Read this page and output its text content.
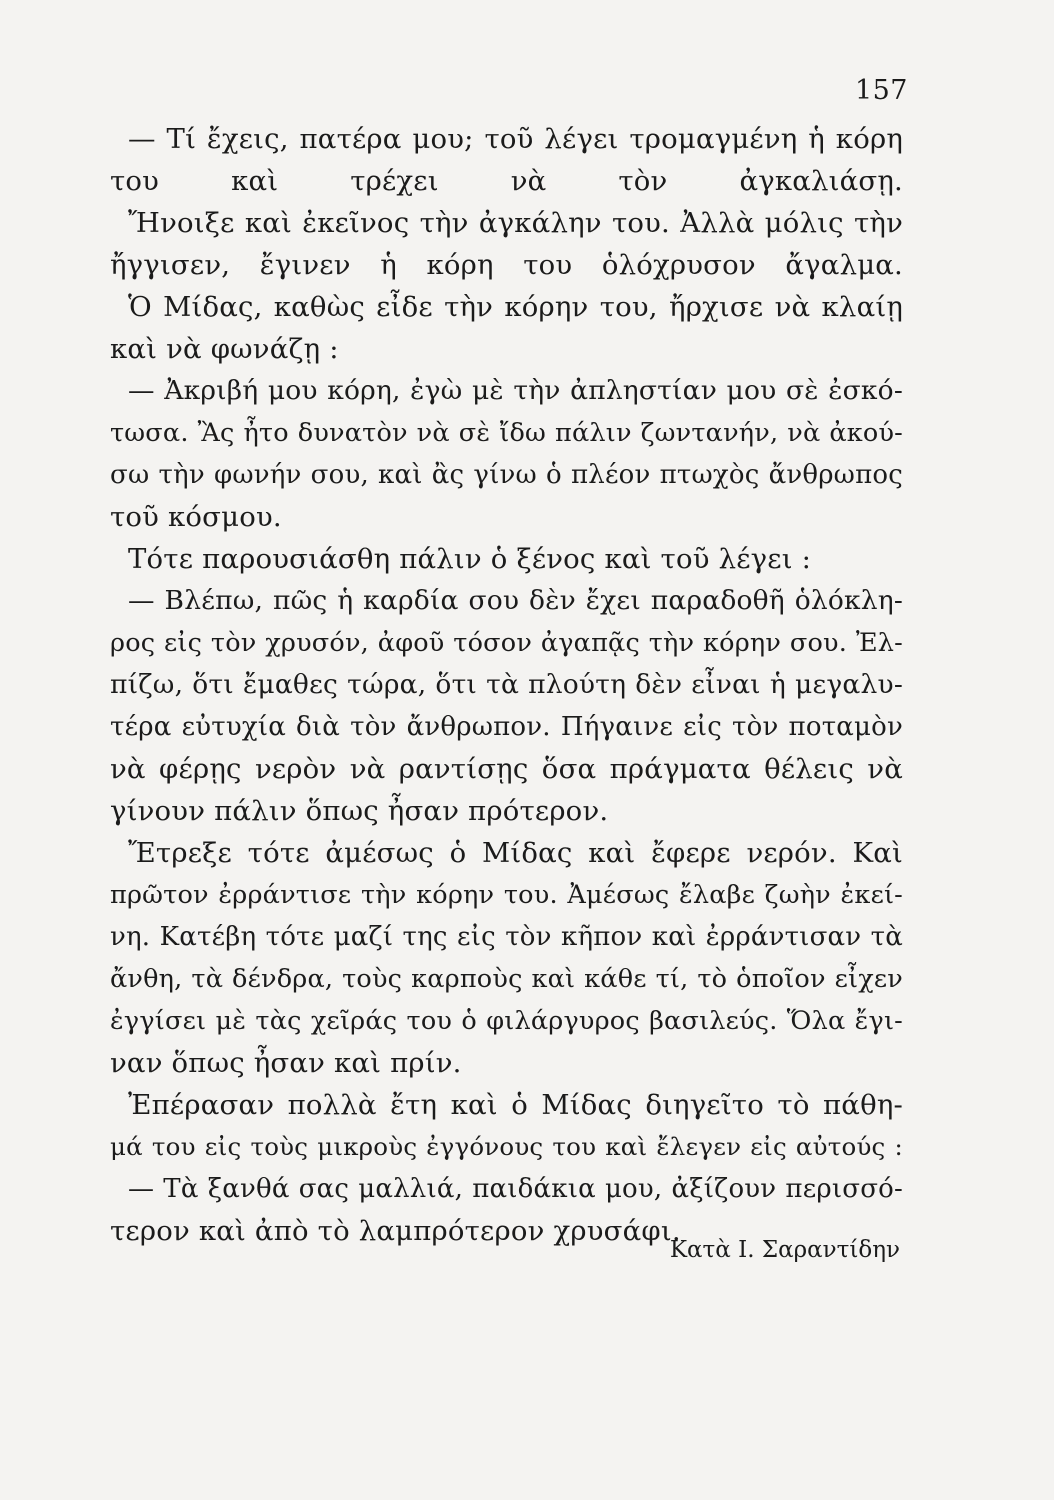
157
— Τί ἔχεις, πατέρα μου; τοῦ λέγει τρομαγμένη ἡ κόρη
του καὶ τρέχει νὰ τὸν ἀγκαλιάσῃ.
Ἤνοιξε καὶ ἐκεῖνος τὴν ἀγκάλην του. Ἀλλὰ μόλις τὴν
ἤγγισεν, ἔγινεν ἡ κόρη του ὁλόχρυσον ἄγαλμα.
Ὁ Μίδας, καθὼς εἶδε τὴν κόρην του, ἤρχισε νὰ κλαίῃ
καὶ νὰ φωνάζῃ :
— Ἀκριβή μου κόρη, ἐγὼ μὲ τὴν ἀπληστίαν μου σὲ ἐσκό-
τωσα. Ἂς ἦτο δυνατὸν νὰ σὲ ἴδω πάλιν ζωντανήν, νὰ ἀκού-
σω τὴν φωνήν σου, καὶ ἂς γίνω ὁ πλέον πτωχὸς ἄνθρωπος
τοῦ κόσμου.
Τότε παρουσιάσθη πάλιν ὁ ξένος καὶ τοῦ λέγει :
— Βλέπω, πῶς ἡ καρδία σου δὲν ἔχει παραδοθῆ ὁλόκλη-
ρος εἰς τὸν χρυσόν, ἀφοῦ τόσον ἀγαπᾷς τὴν κόρην σου. Ἐλ-
πίζω, ὅτι ἔμαθες τώρα, ὅτι τὰ πλούτη δὲν εἶναι ἡ μεγαλυ-
τέρα εὐτυχία διὰ τὸν ἄνθρωπον. Πήγαινε εἰς τὸν ποταμὸν
νὰ φέρῃς νερὸν νὰ ραντίσῃς ὅσα πράγματα θέλεις νὰ
γίνουν πάλιν ὅπως ἦσαν πρότερον.
Ἔτρεξε τότε ἀμέσως ὁ Μίδας καὶ ἔφερε νερόν. Καὶ
πρῶτον ἐρράντισε τὴν κόρην του. Ἀμέσως ἔλαβε ζωὴν ἐκεί-
νη. Κατέβη τότε μαζί της εἰς τὸν κῆπον καὶ ἐρράντισαν τὰ
ἄνθη, τὰ δένδρα, τοὺς καρποὺς καὶ κάθε τί, τὸ ὁποῖον εἶχεν
ἐγγίσει μὲ τὰς χεῖράς του ὁ φιλάργυρος βασιλεύς. Ὅλα ἔγι-
ναν ὅπως ἦσαν καὶ πρίν.
Ἐπέρασαν πολλὰ ἔτη καὶ ὁ Μίδας διηγεῖτο τὸ πάθη-
μά του εἰς τοὺς μικροὺς ἐγγόνους του καὶ ἔλεγεν εἰς αὐτούς :
— Τὰ ξανθά σας μαλλιά, παιδάκια μου, ἀξίζουν περισσό-
τερον καὶ ἀπὸ τὸ λαμπρότερον χρυσάφι.
Κατὰ Ι. Σαραντίδην
